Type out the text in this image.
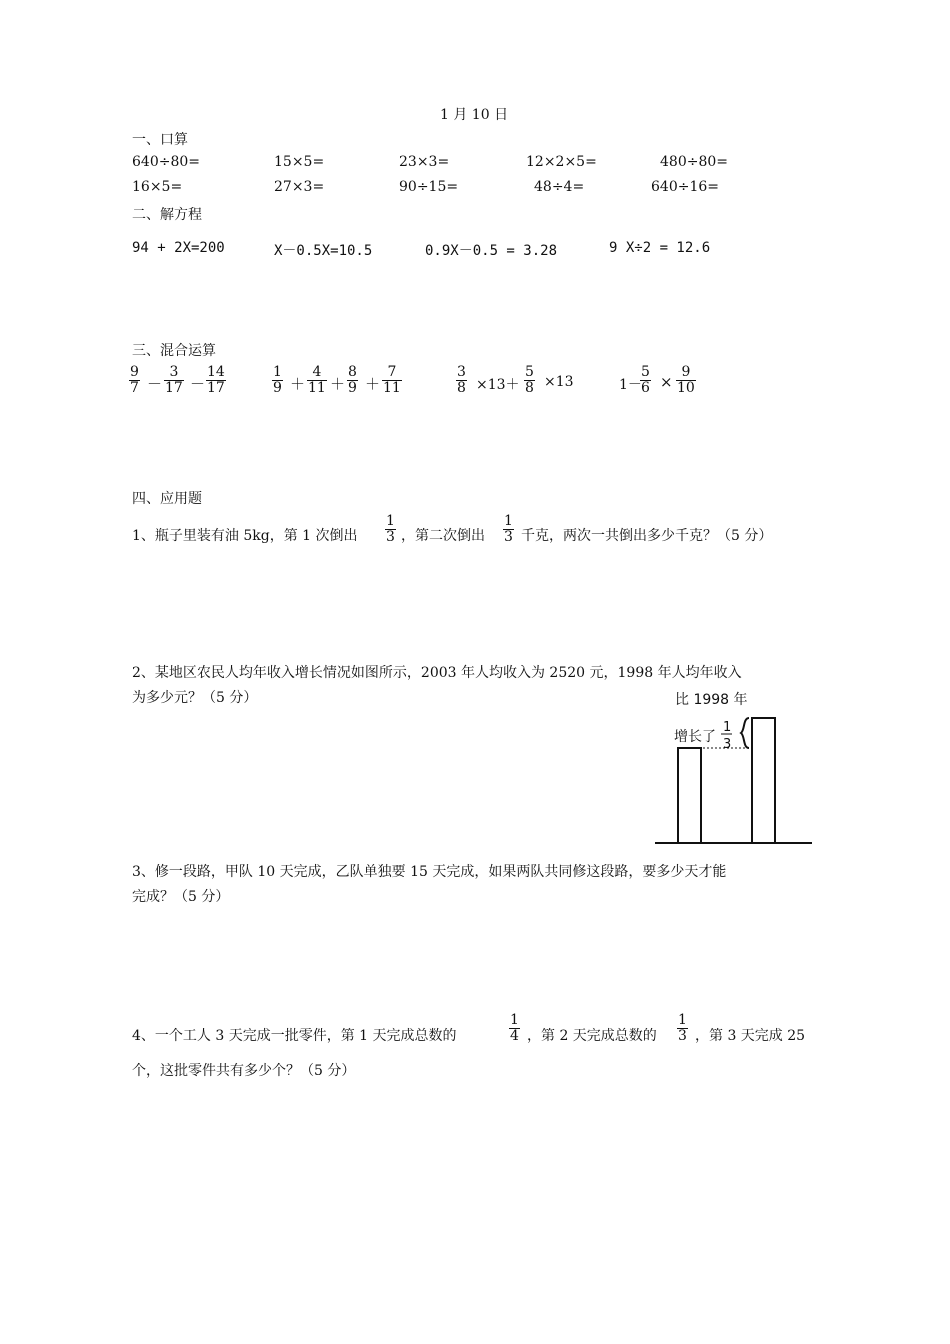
1 月 10 日
一、口算
640÷80=	15×5=	23×3=	12×2×5=	480÷80=
16×5=	27×3=	90÷15=	48÷4=	640÷16=
二、解方程
94 + 2X=200	X－0.5X=10.5	0.9X－0.5 = 3.28	9 X÷2 = 12.6
三、混合运算
9
7 －
3
17 －
14
17
1
9 ＋
4
11 ＋
8
9 ＋
7
11
3
8 ×13＋
5
8 ×13	1－
5
6 ×
9
10
四、应用题
1、瓶子里装有油 5kg，第 1 次倒出
1
3 ，第二次倒出
1
3 千克，两次一共倒出多少千克？（5 分）
2、某地区农民人均年收入增长情况如图所示，2003 年人均收入为 2520 元，1998 年人均年收入
为多少元？（5 分）	比 1998 年
增长了
1
3
3、修一段路，甲队 10 天完成，乙队单独要 15 天完成，如果两队共同修这段路，要多少天才能
完成？（5 分）
4、一个工人 3 天完成一批零件，第 1 天完成总数的
1
4 ，第 2 天完成总数的
1
3 ，第 3 天完成 25
个，这批零件共有多少个？（5 分）
